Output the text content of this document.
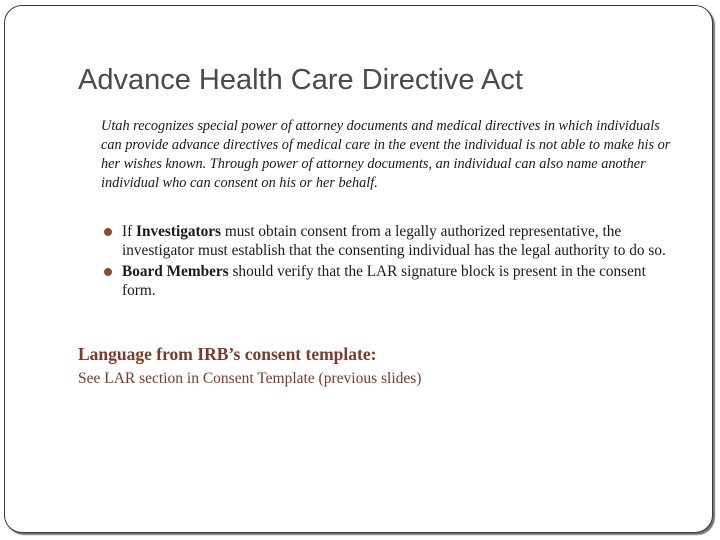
Advance Health Care Directive Act

Utah recognizes special power of attorney documents and medical directives in which individuals can provide advance directives of medical care in the event the individual is not able to make his or her wishes known. Through power of attorney documents, an individual can also name another individual who can consent on his or her behalf.

If Investigators must obtain consent from a legally authorized representative, the investigator must establish that the consenting individual has the legal authority to do so.
Board Members should verify that the LAR signature block is present in the consent form.

Language from IRB’s consent template:

See LAR section in Consent Template (previous slides)
